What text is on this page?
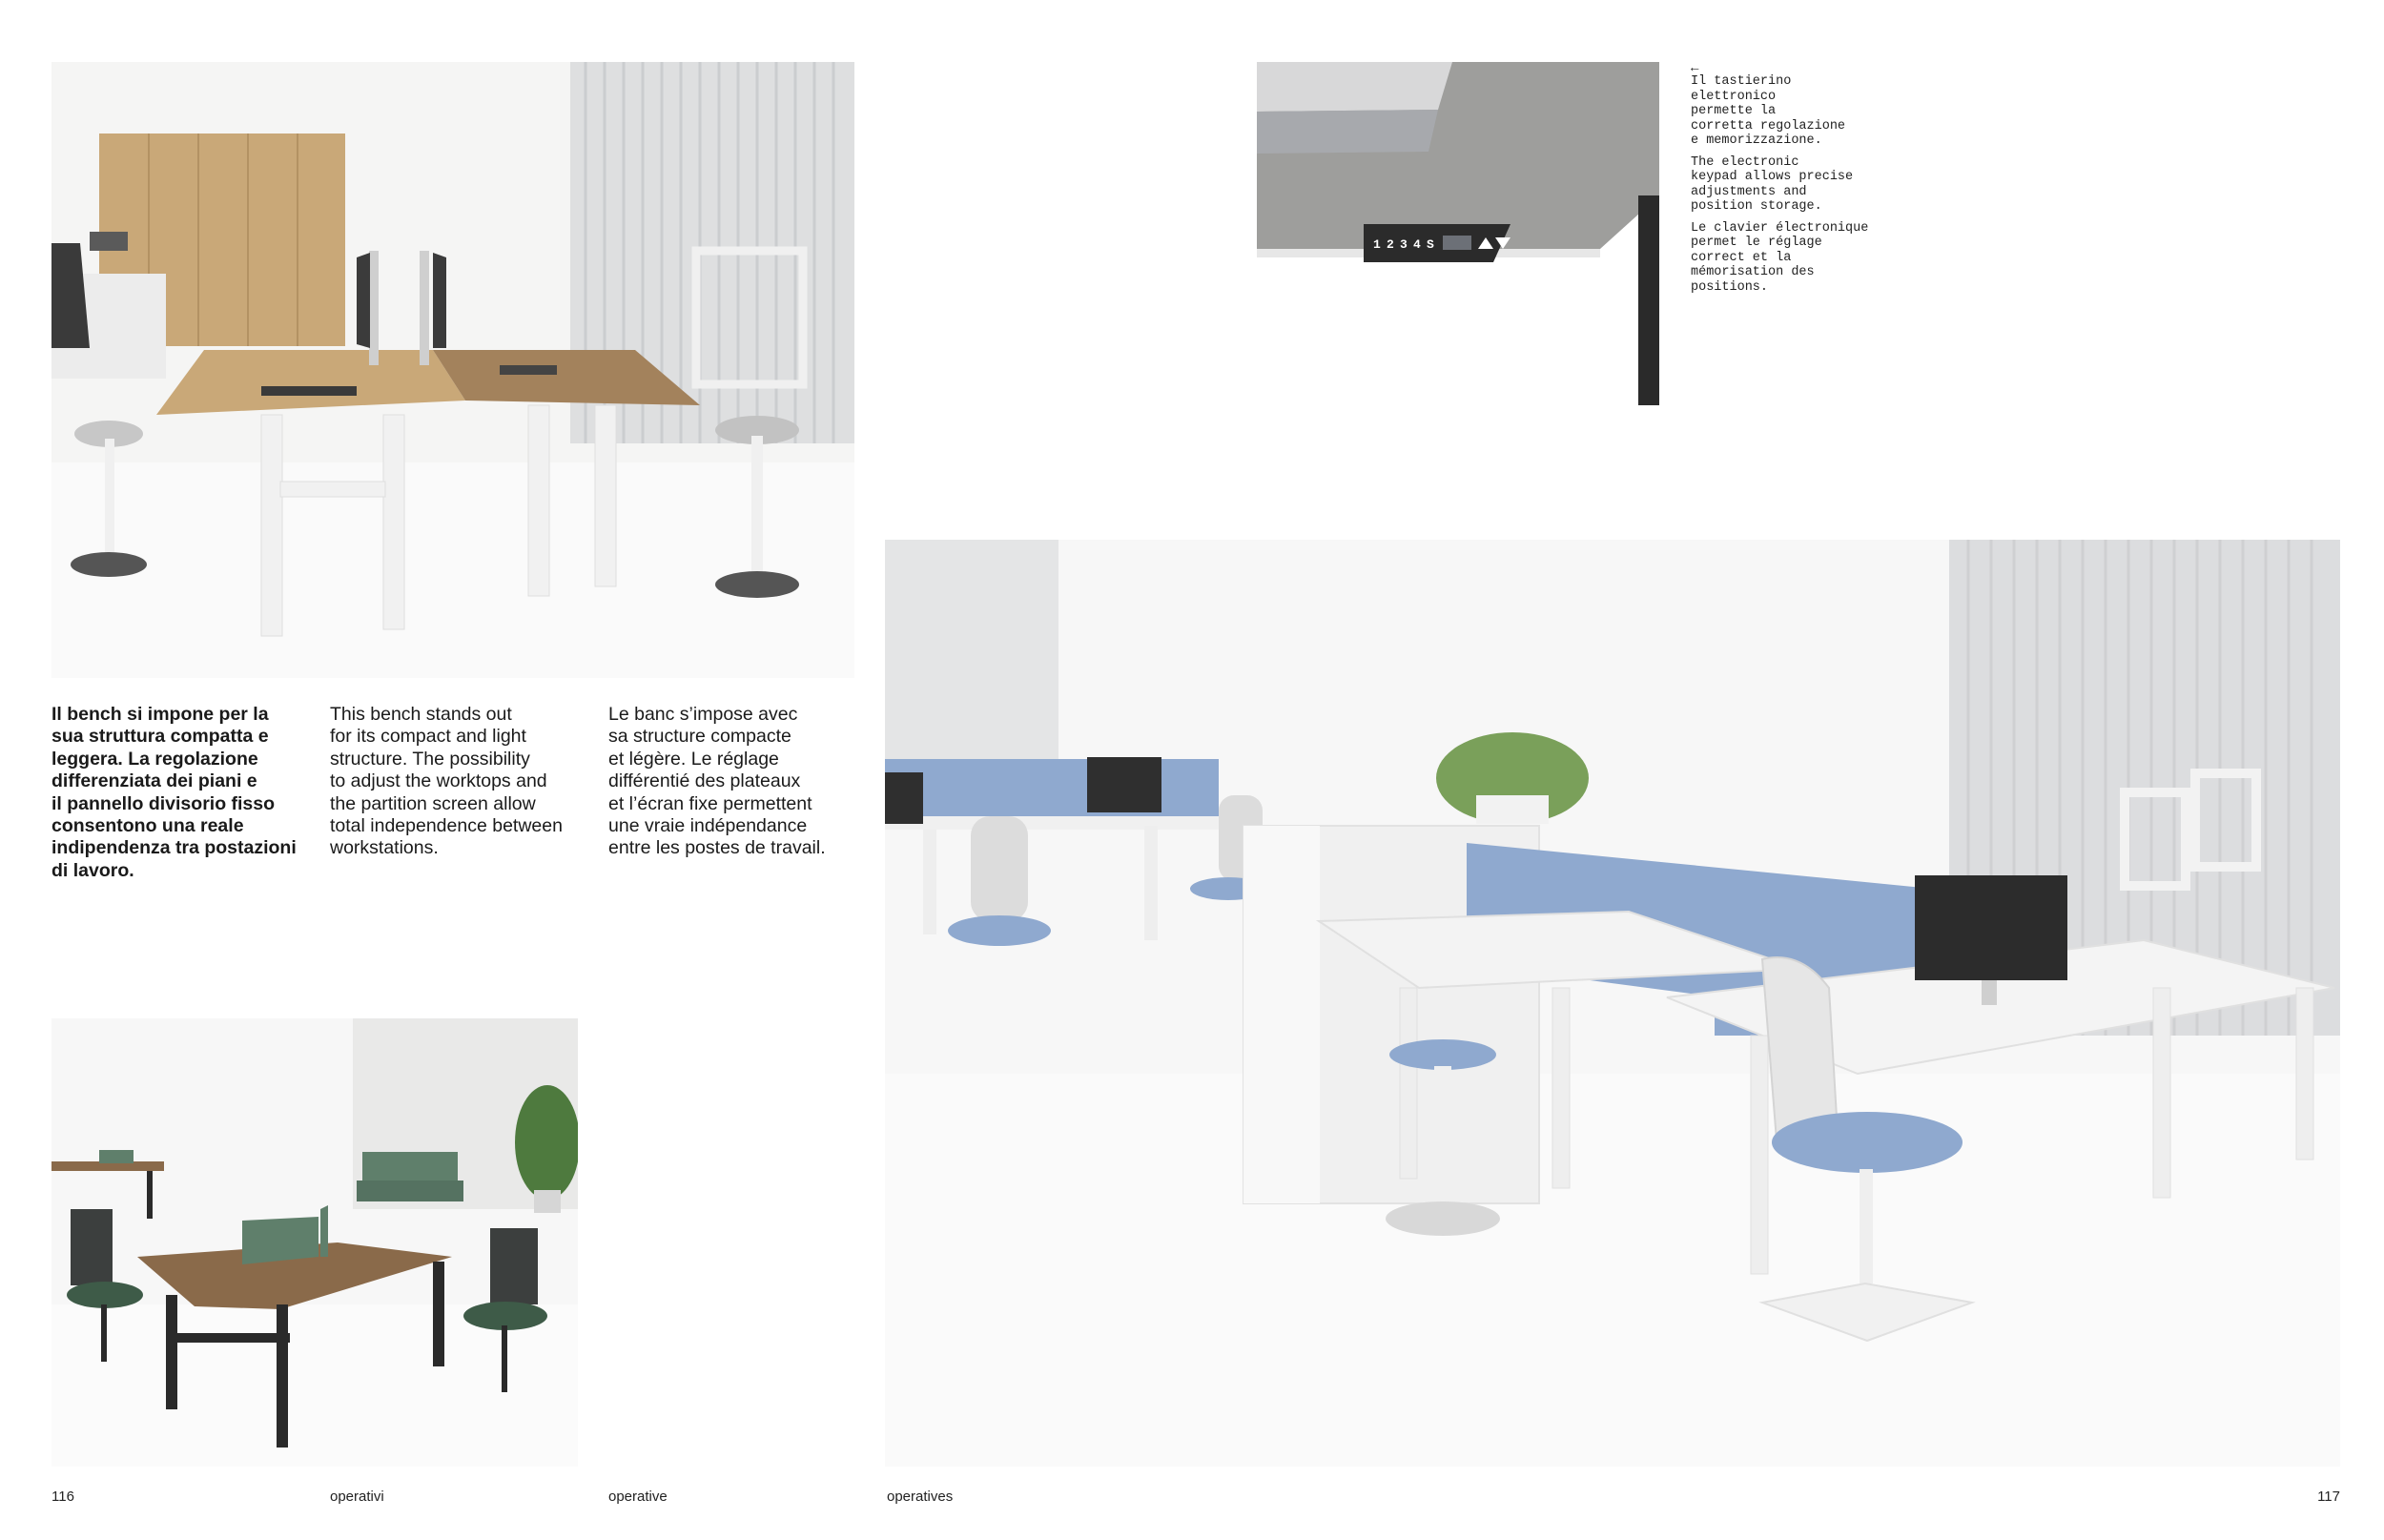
1 2 3 4 S
←

Il tastierino
elettronico
permette la
corretta regolazione
e memorizzazione.

The electronic
keypad allows precise
adjustments and
position storage.

Le clavier électronique
permet le réglage
correct et la
mémorisation des
positions.

Il bench si impone per la
sua struttura compatta e
leggera. La regolazione
differenziata dei piani e
il pannello divisorio fisso
consentono una reale
indipendenza tra postazioni
di lavoro.

This bench stands out
for its compact and light
structure. The possibility
to adjust the worktops and
the partition screen allow
total independence between
workstations.

Le banc s’impose avec
sa structure compacte
et légère. Le réglage
différentié des plateaux
et l’écran fixe permettent
une vraie indépendance
entre les postes de travail.

116	operativi	operative	operatives	117
